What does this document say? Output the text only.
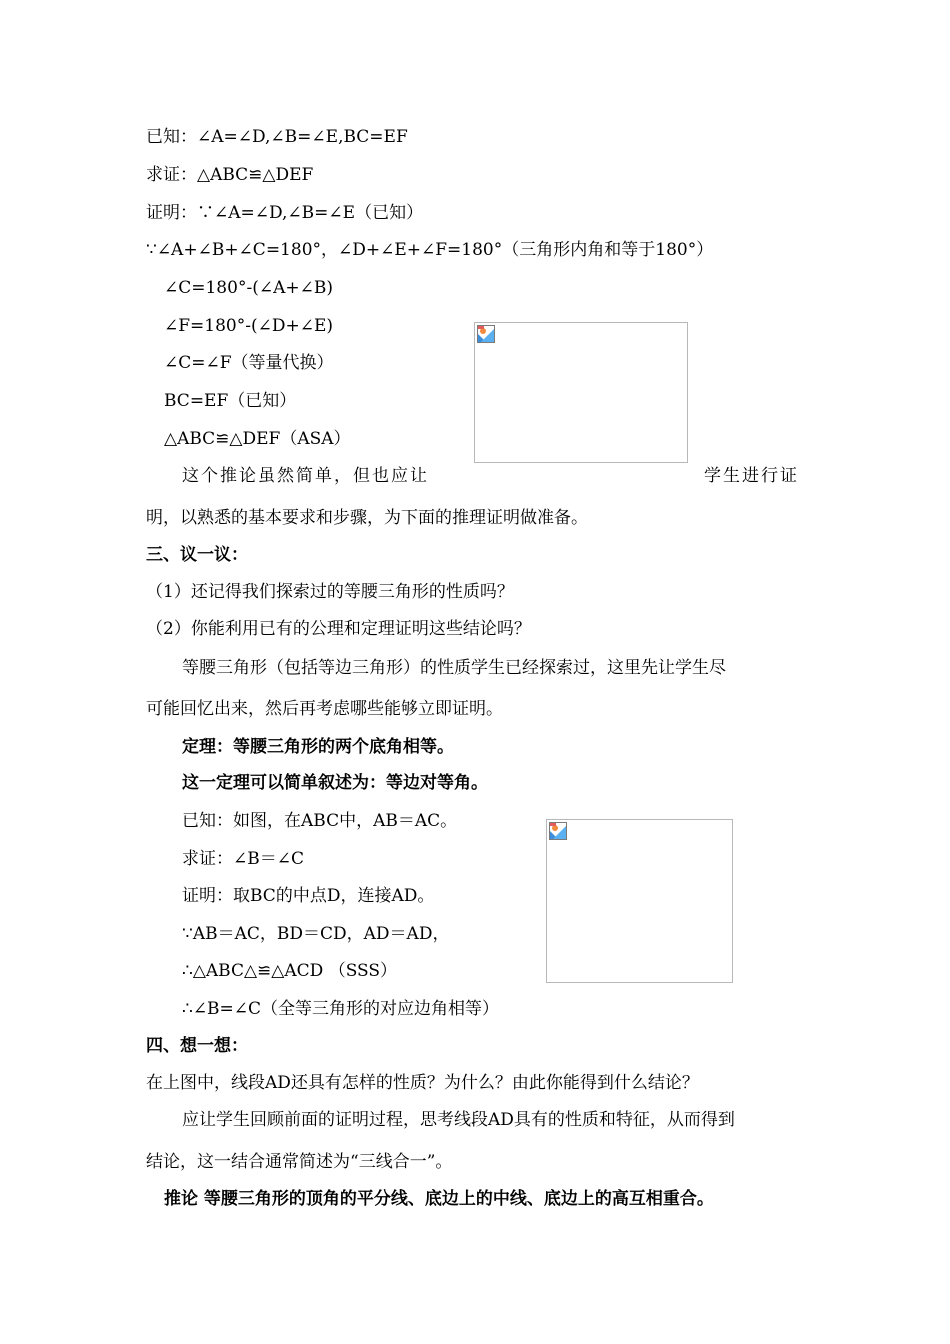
已知：∠A=∠D,∠B=∠E,BC=EF
求证：△ABC≌△DEF
证明：∵∠A=∠D,∠B=∠E（已知）
∵∠A+∠B+∠C=180°，∠D+∠E+∠F=180°（三角形内角和等于180°）
∠C=180°-(∠A+∠B)
∠F=180°-(∠D+∠E)
∠C=∠F（等量代换）
BC=EF（已知）
△ABC≌△DEF（ASA）
这个推论虽然简单，但也应让	学生进行证
明，以熟悉的基本要求和步骤，为下面的推理证明做准备。
三、议一议：
（1）还记得我们探索过的等腰三角形的性质吗？
（2）你能利用已有的公理和定理证明这些结论吗？
等腰三角形（包括等边三角形）的性质学生已经探索过，这里先让学生尽
可能回忆出来，然后再考虑哪些能够立即证明。
定理：等腰三角形的两个底角相等。
这一定理可以简单叙述为：等边对等角。
已知：如图，在ABC中，AB＝AC。
求证：∠B＝∠C
证明：取BC的中点D，连接AD。
∵AB＝AC，BD＝CD，AD＝AD，
∴△ABC△≌△ACD （SSS）
∴∠B=∠C（全等三角形的对应边角相等）
四、想一想：
在上图中，线段AD还具有怎样的性质？为什么？由此你能得到什么结论？
应让学生回顾前面的证明过程，思考线段AD具有的性质和特征，从而得到
结论，这一结合通常简述为“三线合一”。
推论 等腰三角形的顶角的平分线、底边上的中线、底边上的高互相重合。
